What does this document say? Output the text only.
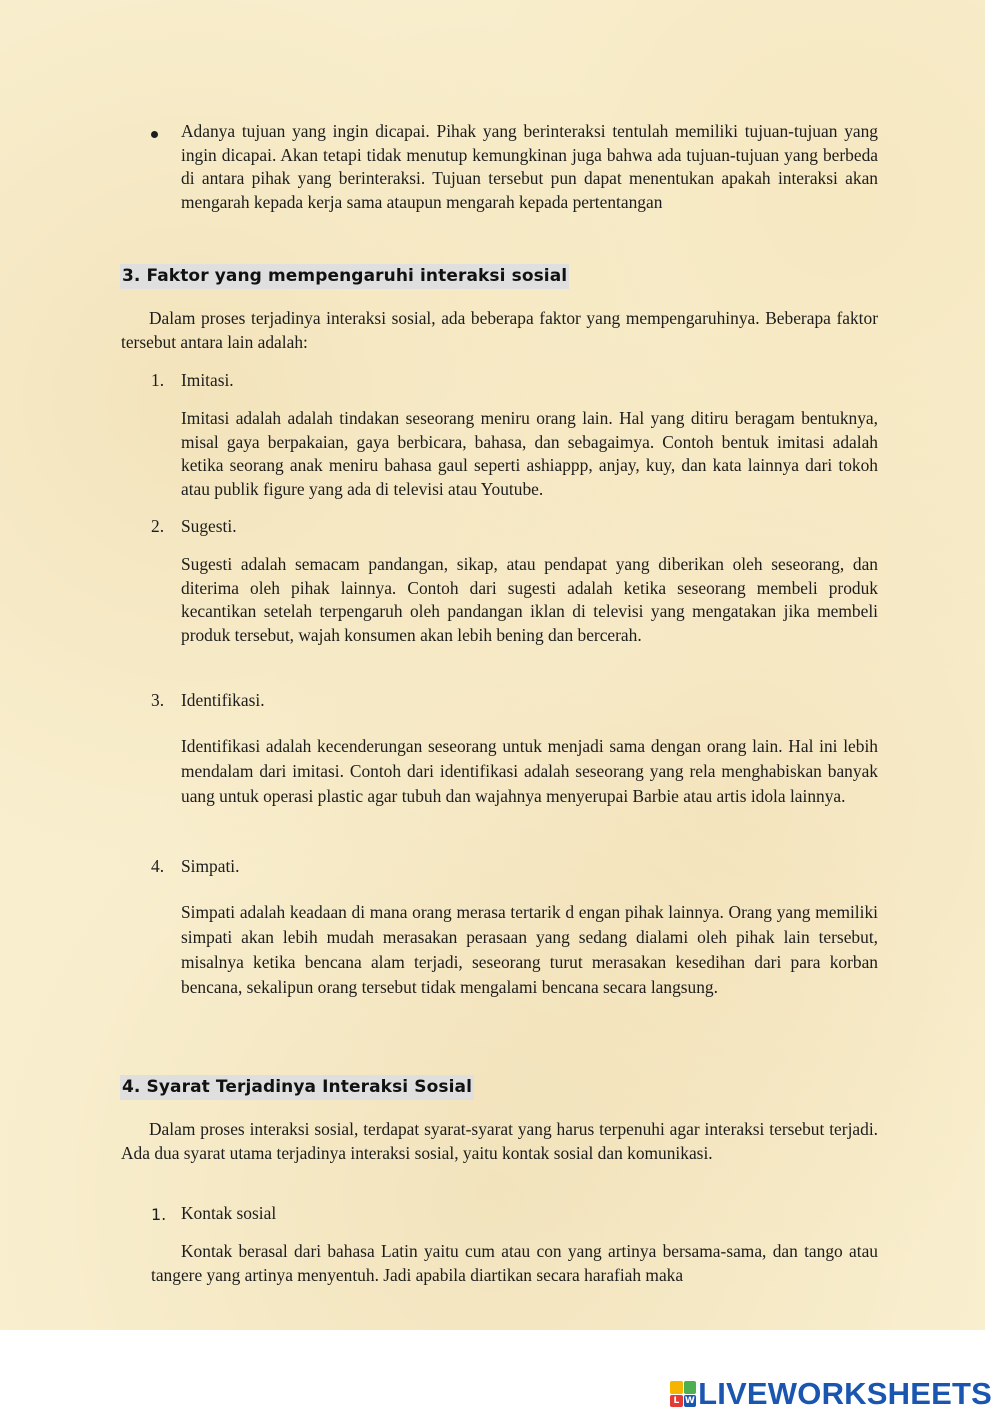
Adanya tujuan yang ingin dicapai. Pihak yang berinteraksi tentulah memiliki tujuan-tujuan yang ingin dicapai. Akan tetapi tidak menutup kemungkinan juga bahwa ada tujuan-tujuan yang berbeda di antara pihak yang berinteraksi. Tujuan tersebut pun dapat menentukan apakah interaksi akan mengarah kepada kerja sama ataupun mengarah kepada pertentangan
3. Faktor yang mempengaruhi interaksi sosial
Dalam proses terjadinya interaksi sosial, ada beberapa faktor yang mempengaruhinya. Beberapa faktor tersebut antara lain adalah:
1. Imitasi.
Imitasi adalah adalah tindakan seseorang meniru orang lain. Hal yang ditiru beragam bentuknya, misal gaya berpakaian, gaya berbicara, bahasa, dan sebagaimya. Contoh bentuk imitasi adalah ketika seorang anak meniru bahasa gaul seperti ashiappp, anjay, kuy, dan kata lainnya dari tokoh atau publik figure yang ada di televisi atau Youtube.
2. Sugesti.
Sugesti adalah semacam pandangan, sikap, atau pendapat yang diberikan oleh seseorang, dan diterima oleh pihak lainnya. Contoh dari sugesti adalah ketika seseorang membeli produk kecantikan setelah terpengaruh oleh pandangan iklan di televisi yang mengatakan jika membeli produk tersebut, wajah konsumen akan lebih bening dan bercerah.
3. Identifikasi.
Identifikasi adalah kecenderungan seseorang untuk menjadi sama dengan orang lain. Hal ini lebih mendalam dari imitasi. Contoh dari identifikasi adalah seseorang yang rela menghabiskan banyak uang untuk operasi plastic agar tubuh dan wajahnya menyerupai Barbie atau artis idola lainnya.
4. Simpati.
Simpati adalah keadaan di mana orang merasa tertarik d engan pihak lainnya. Orang yang memiliki simpati akan lebih mudah merasakan perasaan yang sedang dialami oleh pihak lain tersebut, misalnya ketika bencana alam terjadi, seseorang turut merasakan kesedihan dari para korban bencana, sekalipun orang tersebut tidak mengalami bencana secara langsung.
4. Syarat Terjadinya Interaksi Sosial
Dalam proses interaksi sosial, terdapat syarat-syarat yang harus terpenuhi agar interaksi tersebut terjadi. Ada dua syarat utama terjadinya interaksi sosial, yaitu kontak sosial dan komunikasi.
1. Kontak sosial
Kontak berasal dari bahasa Latin yaitu cum atau con yang artinya bersama-sama, dan tango atau tangere yang artinya menyentuh. Jadi apabila diartikan secara harafiah maka
L W LIVEWORKSHEETS
